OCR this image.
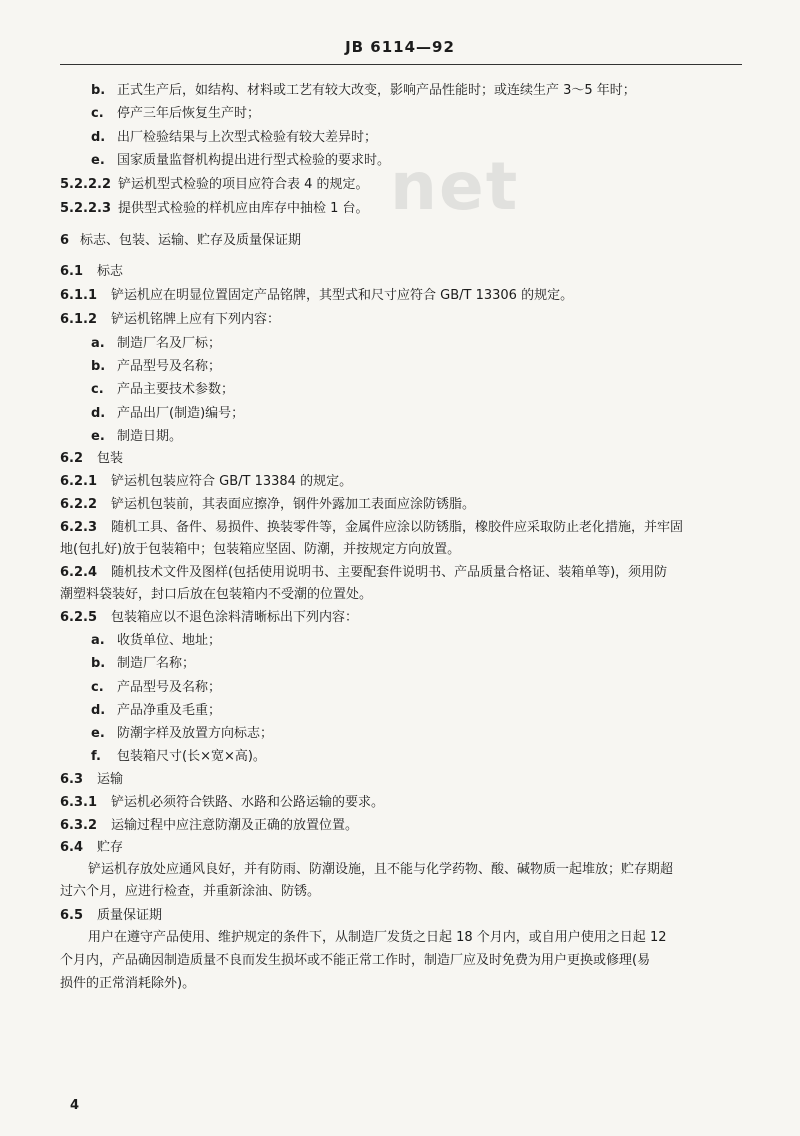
JB 6114—92
net
b. 正式生产后，如结构、材料或工艺有较大改变，影响产品性能时；或连续生产 3～5 年时；
c. 停产三年后恢复生产时；
d. 出厂检验结果与上次型式检验有较大差异时；
e. 国家质量监督机构提出进行型式检验的要求时。
5.2.2.2 铲运机型式检验的项目应符合表 4 的规定。
5.2.2.3 提供型式检验的样机应由库存中抽检 1 台。
6 标志、包装、运输、贮存及质量保证期
6.1 标志
6.1.1 铲运机应在明显位置固定产品铭牌，其型式和尺寸应符合 GB/T 13306 的规定。
6.1.2 铲运机铭牌上应有下列内容：
a. 制造厂名及厂标；
b. 产品型号及名称；
c. 产品主要技术参数；
d. 产品出厂(制造)编号；
e. 制造日期。
6.2 包装
6.2.1 铲运机包装应符合 GB/T 13384 的规定。
6.2.2 铲运机包装前，其表面应擦净，钢件外露加工表面应涂防锈脂。
6.2.3 随机工具、备件、易损件、换装零件等，金属件应涂以防锈脂，橡胶件应采取防止老化措施，并牢固
地(包扎好)放于包装箱中；包装箱应坚固、防潮，并按规定方向放置。
6.2.4 随机技术文件及图样(包括使用说明书、主要配套件说明书、产品质量合格证、装箱单等)，须用防
潮塑料袋装好，封口后放在包装箱内不受潮的位置处。
6.2.5 包装箱应以不退色涂料清晰标出下列内容：
a. 收货单位、地址；
b. 制造厂名称；
c. 产品型号及名称；
d. 产品净重及毛重；
e. 防潮字样及放置方向标志；
f. 包装箱尺寸(长×宽×高)。
6.3 运输
6.3.1 铲运机必须符合铁路、水路和公路运输的要求。
6.3.2 运输过程中应注意防潮及正确的放置位置。
6.4 贮存
铲运机存放处应通风良好，并有防雨、防潮设施，且不能与化学药物、酸、碱物质一起堆放；贮存期超
过六个月，应进行检查，并重新涂油、防锈。
6.5 质量保证期
用户在遵守产品使用、维护规定的条件下，从制造厂发货之日起 18 个月内，或自用户使用之日起 12
个月内，产品确因制造质量不良而发生损坏或不能正常工作时，制造厂应及时免费为用户更换或修理(易
损件的正常消耗除外)。
4
